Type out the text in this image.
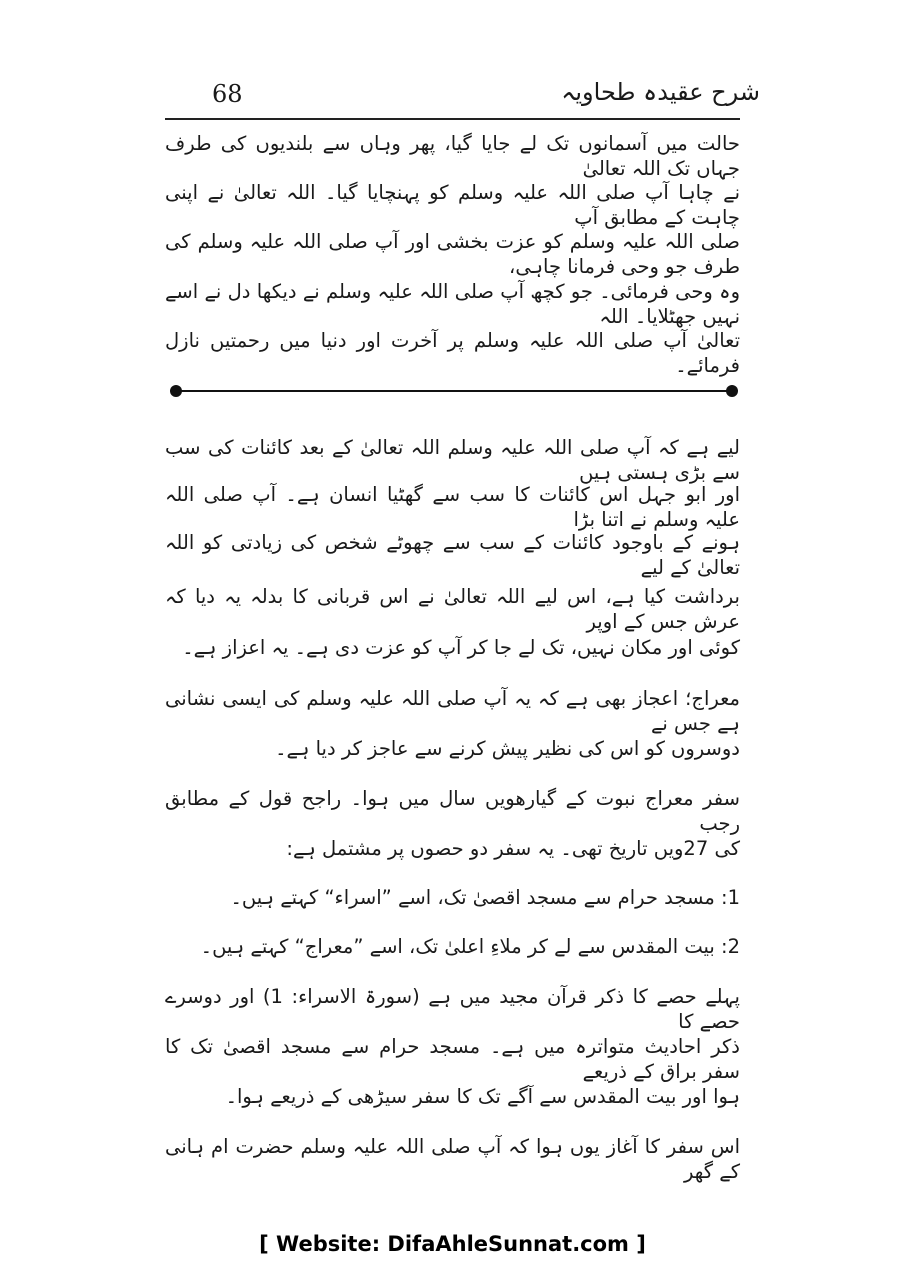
شرح عقیدہ طحاویہ
68

حالت میں آسمانوں تک لے جایا گیا، پھر وہاں سے بلندیوں کی طرف جہاں تک اللہ تعالیٰ

نے چاہا آپ صلی اللہ علیہ وسلم کو پہنچایا گیا۔ اللہ تعالیٰ نے اپنی چاہت کے مطابق آپ

صلی اللہ علیہ وسلم کو عزت بخشی اور آپ صلی اللہ علیہ وسلم کی طرف جو وحی فرمانا چاہی،

وہ وحی فرمائی۔ جو کچھ آپ صلی اللہ علیہ وسلم نے دیکھا دل نے اسے نہیں جھٹلایا۔ اللہ

تعالیٰ آپ صلی اللہ علیہ وسلم پر آخرت اور دنیا میں رحمتیں نازل فرمائے۔

لیے ہے کہ آپ صلی اللہ علیہ وسلم اللہ تعالیٰ کے بعد کائنات کی سب سے بڑی ہستی ہیں

اور ابو جہل اس کائنات کا سب سے گھٹیا انسان ہے۔ آپ صلی اللہ علیہ وسلم نے اتنا بڑا

ہونے کے باوجود کائنات کے سب سے چھوٹے شخص کی زیادتی کو اللہ تعالیٰ کے لیے

برداشت کیا ہے، اس لیے اللہ تعالیٰ نے اس قربانی کا بدلہ یہ دیا کہ عرش جس کے اوپر

کوئی اور مکان نہیں، تک لے جا کر آپ کو عزت دی ہے۔ یہ اعزاز ہے۔

معراج؛ اعجاز بھی ہے کہ یہ آپ صلی اللہ علیہ وسلم کی ایسی نشانی ہے جس نے

دوسروں کو اس کی نظیر پیش کرنے سے عاجز کر دیا ہے۔

سفر معراج نبوت کے گیارھویں سال میں ہوا۔ راجح قول کے مطابق رجب

کی 27ویں تاریخ تھی۔ یہ سفر دو حصوں پر مشتمل ہے:

1: مسجد حرام سے مسجد اقصیٰ تک، اسے ”اسراء“ کہتے ہیں۔

2: بیت المقدس سے لے کر ملاءِ اعلیٰ تک، اسے ”معراج“ کہتے ہیں۔

پہلے حصے کا ذکر قرآن مجید میں ہے (سورۃ الاسراء: 1) اور دوسرے حصے کا

ذکر احادیث متواترہ میں ہے۔ مسجد حرام سے مسجد اقصیٰ تک کا سفر براق کے ذریعے

ہوا اور بیت المقدس سے آگے تک کا سفر سیڑھی کے ذریعے ہوا۔

اس سفر کا آغاز یوں ہوا کہ آپ صلی اللہ علیہ وسلم حضرت ام ہانی کے گھر

[ Website: DifaAhleSunnat.com ]
